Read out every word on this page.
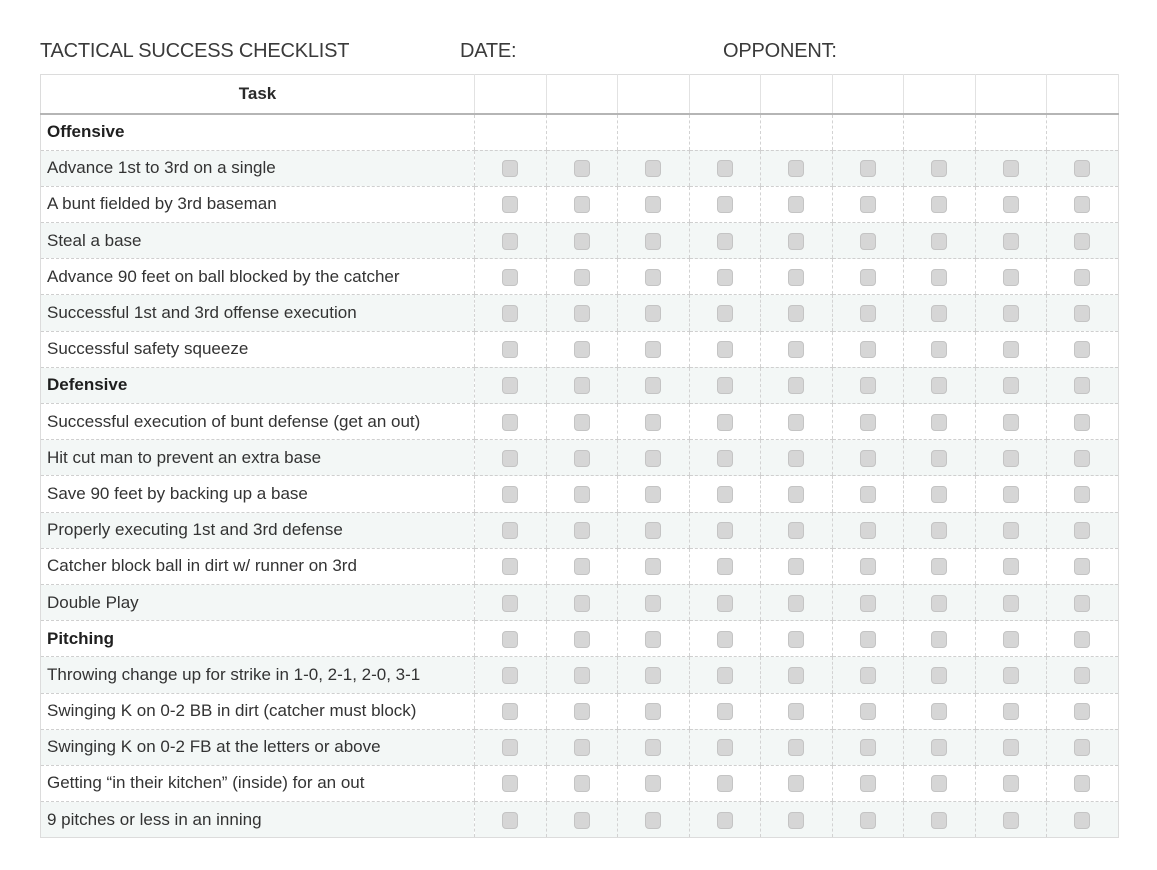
TACTICAL SUCCESS CHECKLIST	DATE:	OPPONENT:
Task									
Offensive									
Advance 1st to 3rd on a single									
A bunt fielded by 3rd baseman									
Steal a base									
Advance 90 feet on ball blocked by the catcher									
Successful 1st and 3rd offense execution									
Successful safety squeeze									
Defensive									
Successful execution of bunt defense (get an out)									
Hit cut man to prevent an extra base									
Save 90 feet by backing up a base									
Properly executing 1st and 3rd defense									
Catcher block ball in dirt w/ runner on 3rd									
Double Play									
Pitching									
Throwing change up for strike in 1-0, 2-1, 2-0, 3-1									
Swinging K on 0-2 BB in dirt (catcher must block)									
Swinging K on 0-2 FB at the letters or above									
Getting “in their kitchen” (inside) for an out									
9 pitches or less in an inning									
